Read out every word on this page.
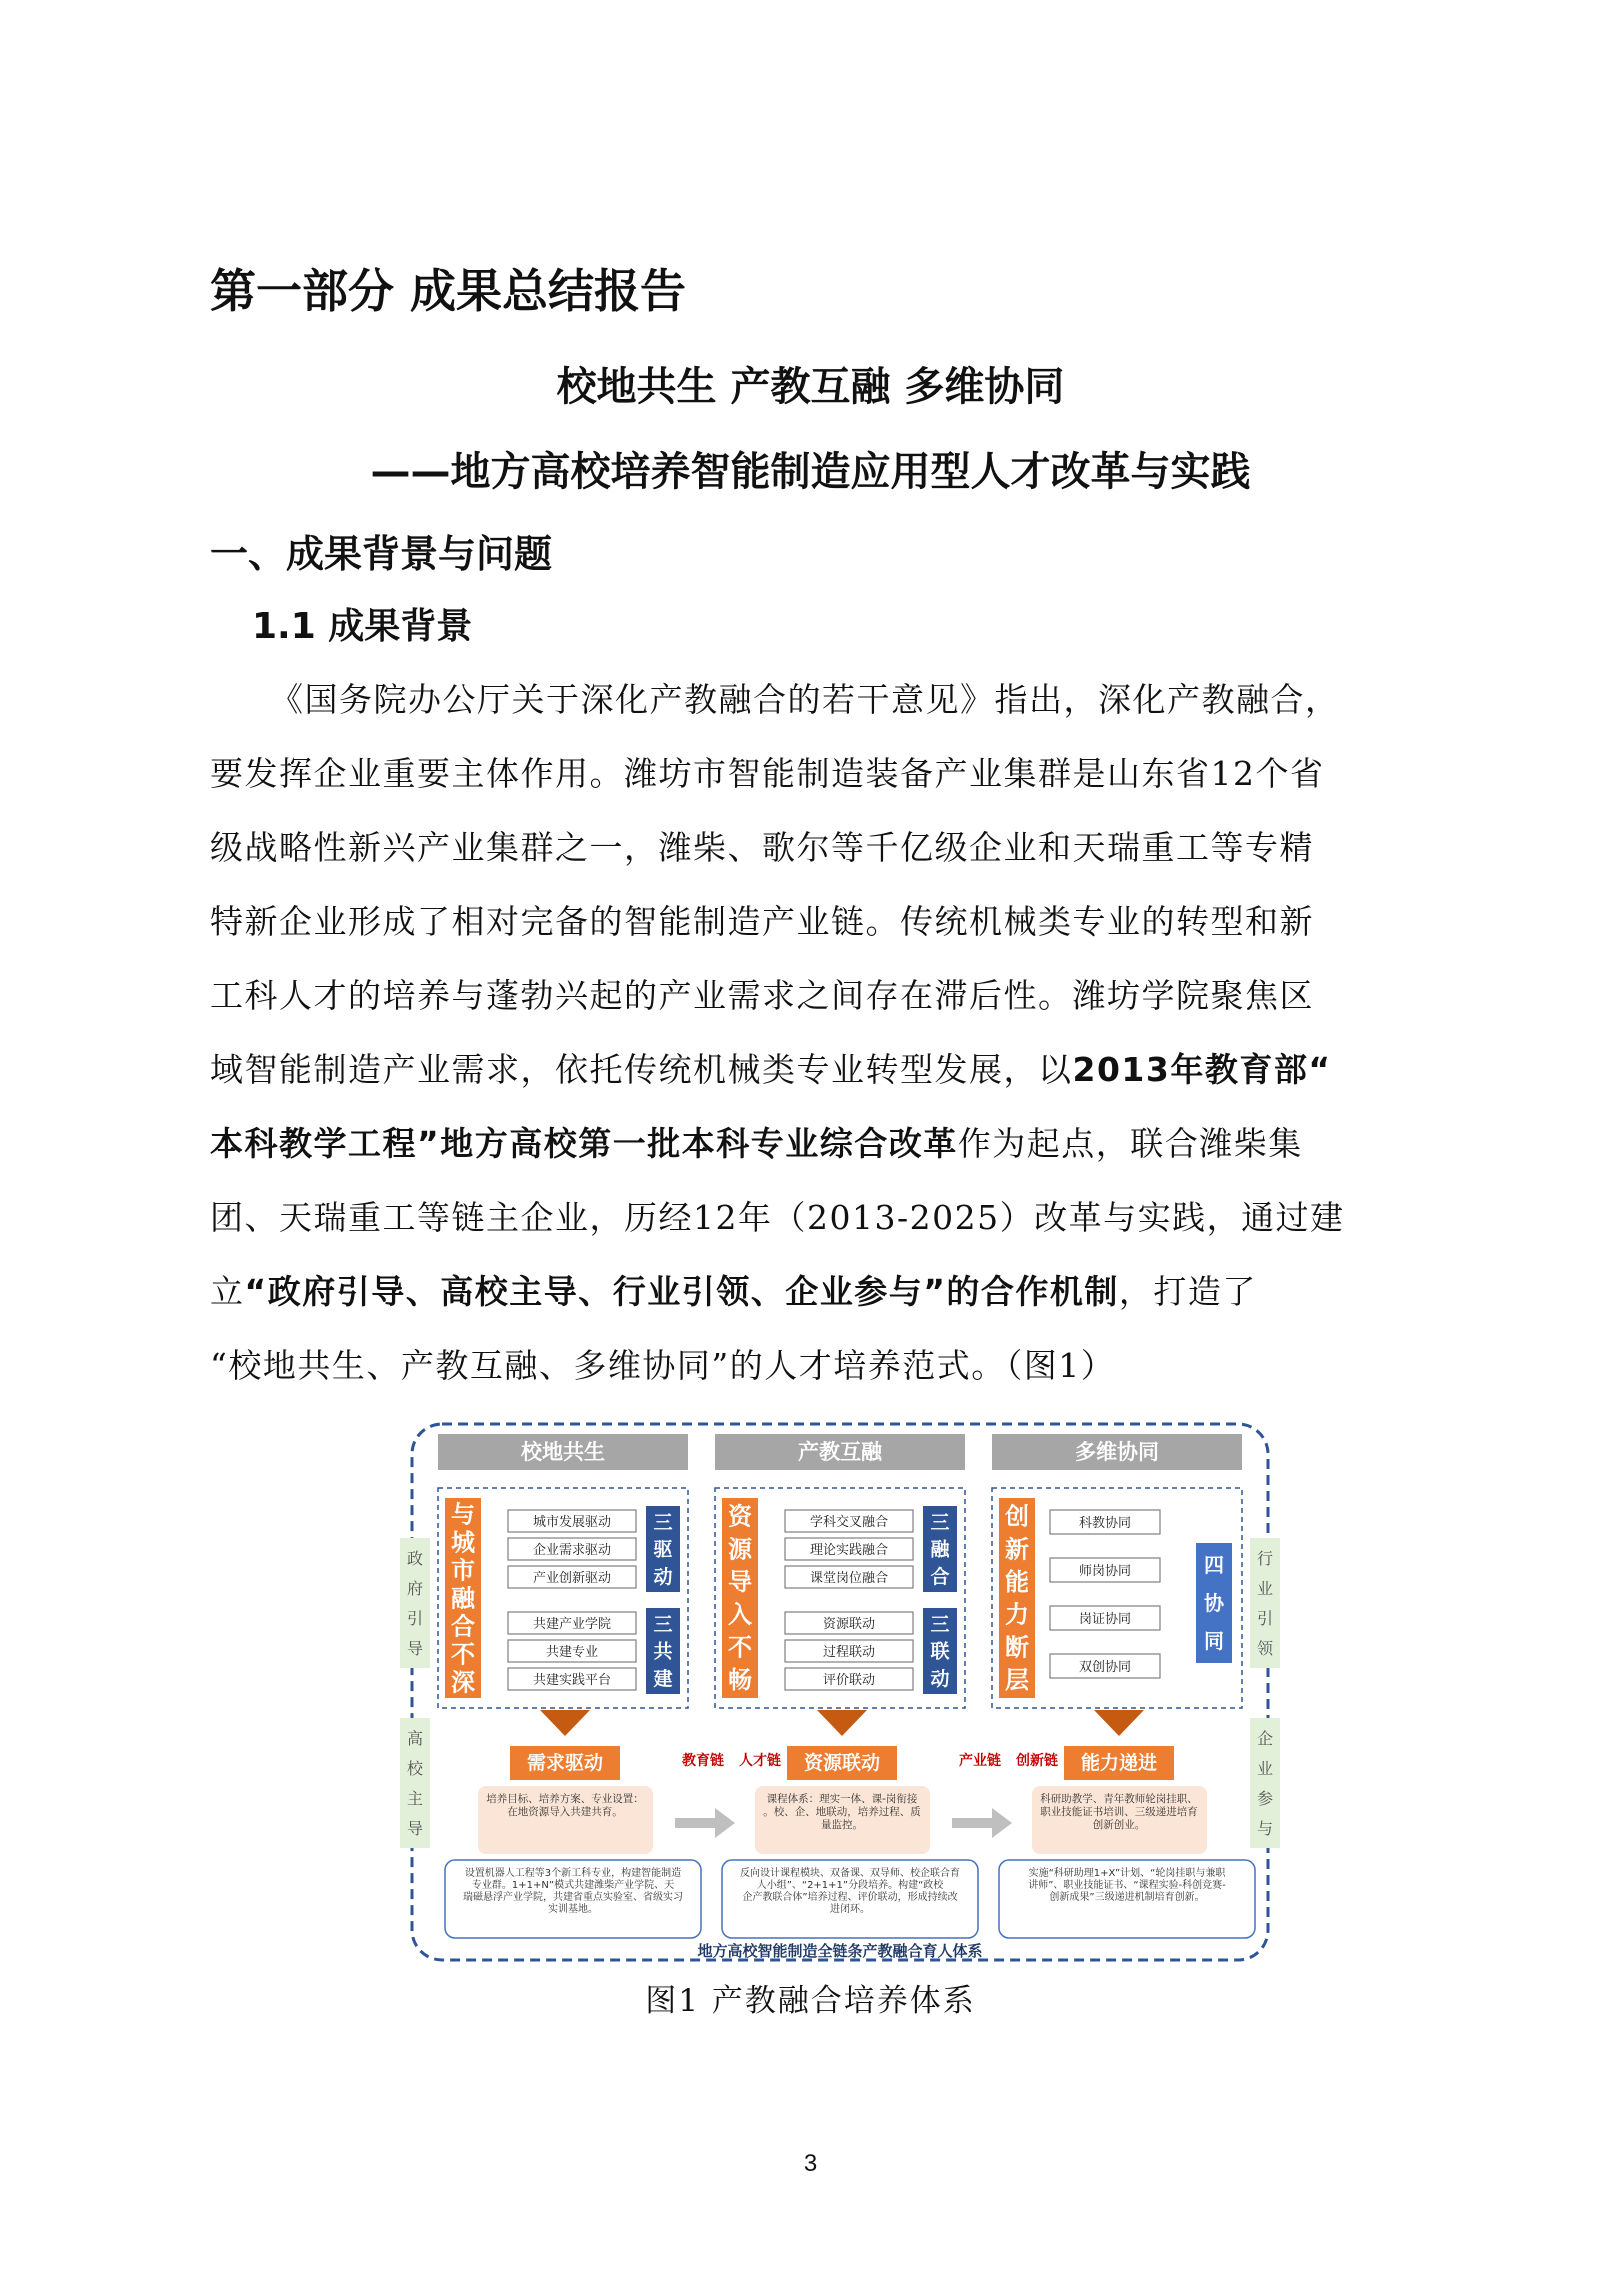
第一部分 成果总结报告
校地共生 产教互融 多维协同
——地方高校培养智能制造应用型人才改革与实践
一、成果背景与问题
1.1 成果背景
《国务院办公厅关于深化产教融合的若干意见》指出，深化产教融合，
要发挥企业重要主体作用。潍坊市智能制造装备产业集群是山东省12个省
级战略性新兴产业集群之一，潍柴、歌尔等千亿级企业和天瑞重工等专精
特新企业形成了相对完备的智能制造产业链。传统机械类专业的转型和新
工科人才的培养与蓬勃兴起的产业需求之间存在滞后性。潍坊学院聚焦区
域智能制造产业需求，依托传统机械类专业转型发展，以2013年教育部“
本科教学工程”地方高校第一批本科专业综合改革作为起点，联合潍柴集
团、天瑞重工等链主企业，历经12年（2013-2025）改革与实践，通过建
立“政府引导、高校主导、行业引领、企业参与”的合作机制，打造了
“校地共生、产教互融、多维协同”的人才培养范式。（图1）
校地共生	产教互融	多维协同
政
府
引
导
高
校
主
导
行
业
引
领
企
业
参
与
与
城
市
融
合
不
深
城市发展驱动
企业需求驱动
产业创新驱动
共建产业学院
共建专业
共建实践平台
三
驱
动
三
共
建
资
源
导
入
不
畅
学科交叉融合
理论实践融合
课堂岗位融合
资源联动
过程联动
评价联动
三
融
合
三
联
动
创
新
能
力
断
层
科教协同
师岗协同
岗证协同
双创协同
四
协
同
教育链 人才链	产业链 创新链
需求驱动	资源联动	能力递进
培养目标、培养方案、专业设置：
在地资源导入共建共育。
课程体系：理实一体、课-岗衔接
。校、企、地联动，培养过程、质
量监控。
科研助教学、青年教师轮岗挂职、
职业技能证书培训、三级递进培育
创新创业。
设置机器人工程等3个新工科专业，构建智能制造
专业群。1+1+N”模式共建潍柴产业学院、天
瑞磁悬浮产业学院，共建省重点实验室、省级实习
实训基地。
反向设计课程模块、双备课、双导师、校企联合育
人小组”、“2+1+1”分段培养。构建“政校
企产教联合体”培养过程、评价联动，形成持续改
进闭环。
实施“科研助理1+X”计划、“轮岗挂职与兼职
讲师”、职业技能证书、“课程实验-科创竞赛-
创新成果”三级递进机制培育创新。
地方高校智能制造全链条产教融合育人体系
图1 产教融合培养体系
3
